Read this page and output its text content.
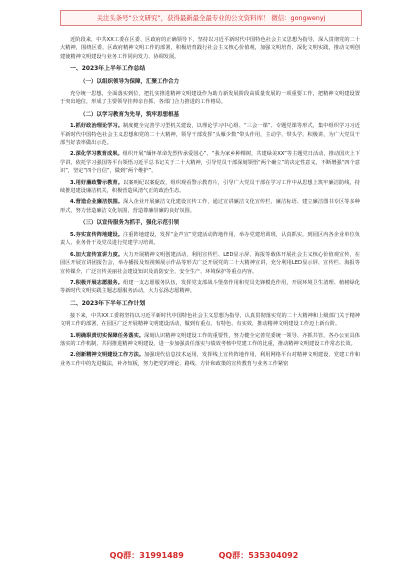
关注头条号“公文研究”，获得最新最全最专业的公文资料库！ 微信：gongwenyj

近阶段来，中共XX工委在区委、区政府的正确领导下，坚持以习近平新时代中国特色社会主义思想为指导，深入贯彻党的二十大精神，围绕区委、区政府精神文明工作的部署，积极培育践行社会主义核心价值观，加强文明培育，深化文明实践，推动文明创建使精神文明建设与业务工作同向发力、协调发展。

一、2023年上半年工作总结
（一）以组织领导为保障，汇聚工作合力

充分统一思想，全面落实到位，把扎实推进精神文明建设作为助力新发展阶段高质量发展的一项重要工作，把精神文明建设置于突出地位，形成了主要领导挂帅亲自抓、各部门合力推进的工作格局。

（二）以学习教育为先导，筑牢思想根基

1.抓好政治理论学习。制度健全完善学习型机关建设，以理论学习中心组、“三会一课”、专题党课等形式，集中组织学习习近平新时代中国特色社会主义思想和党的二十大精神，领导干部发挥“头雁少数”带头作用，主动学、带头学、积极讲，为广大党员干部当好表率做出示范。

2.深化学习教育成果。组织开展“缅怀革命先烈传承爱国心”、“我为家乡种棵树，共建绿美XX”等主题党日活动，推动国庆上下学讲，依托学习强国等平台领悟习近平总书记关于二十大精神，引导党员干部深刻领悟“两个确立”的决定性意义，不断增强“四个意识”，坚定“四个自信”，做到“两个维护”。

3.用好廉政警示教育。以案明纪以案促改，组织观看警示教育片，引导广大党员干部在学习工作中从思想上筑牢廉洁防线，持续推进建设廉洁机关，积极营造风清气正的政治生态。

4.营造企业廉洁氛围。深入企业开展廉洁文化建设宣传工作，通过宣讲廉洁文化宣传栏、廉洁标语、建立廉洁图书专区等多种形式，努力营造廉洁文化氛围，营造尊廉崇廉的良好氛围。

（三）以宣传服务为抓手，强化示范引领

5.夯实宣传阵地建设。注重阵地建设，发挥“金声宣”党建活动阵地作用，举办党建培训班，认真抓实，到园区内各企业单位负责人、业务骨干及党员进行党建学习培训。

6.加大宣传宣讲力度。大力开展精神文明创建活动，利用宣传栏、LED显示屏、海报等载体开展社会主义核心价值观宣传，在园区开展宣讲团报告会，举办播报及短视频展示作品等形式广泛开展党的二十大精神宣讲，充分利用LED显示屏、宣传栏、海报等宣传媒介，广泛宣传美丽社会建设知识及消防安全、安全生产、环境保护等重点内容。

7.积极开展志愿服务。组建一支志愿服务队伍，发挥党支部战斗堡垒作用和党员先锋模范作用，开展环境卫生清理、植树绿化等新时代文明实践主题志愿服务活动，大力弘扬志愿精神。

二、2023年下半年工作计划

接下来，中共XX工委将坚持以习近平新时代中国特色社会主义思想为指导，认真贯彻落实党的二十大精神和上级部门关于精神文明工作的部署，在园区广泛开展精神文明建设活动，做到有重点、有特色、有实效，推动精神文明建设工作迈上新台阶。

1.明确职责切实保障任务落实。深刻认识精神文明建设工作的重要性，努力健全完善党委统一领导、齐抓共管、各办公室具体落实的工作机制，共同推进精神文明建设，进一步加强责任落实与绩效考核中党建工作的比重，推动精神文明建设工作常态长效。

2.创新精神文明建设工作方法。加强现代信息技术运用，发挥线上宣传阵地作用，利用网络平台对精神文明建设、党建工作和业务工作中的先进做法，补齐短板，努力把党的理论、路线、方针和政策的宣传教育与业务工作紧密

QQ群：31991489	QQ群：535304092
